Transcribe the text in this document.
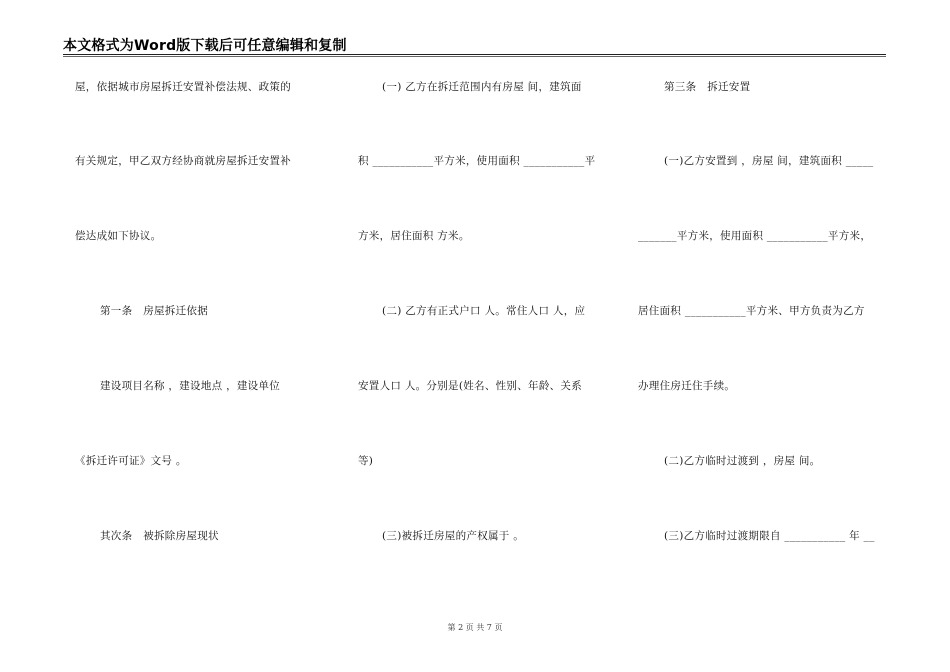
本文格式为Word版下载后可任意编辑和复制
屋，依据城市房屋拆迁安置补偿法规、政策的
有关规定，甲乙双方经协商就房屋拆迁安置补
偿达成如下协议。
第一条　房屋拆迁依据
建设项目名称 ，建设地点 ，建设单位
《拆迁许可证》文号 。
其次条　被拆除房屋现状
(一) 乙方在拆迁范围内有房屋 间，建筑面
积 ___________平方米，使用面积 ___________平
方米，居住面积 方米。
(二) 乙方有正式户口 人。常住人口 人，应
安置人口 人。分别是(姓名、性别、年龄、关系
等)
(三)被拆迁房屋的产权属于 。
第三条　拆迁安置
(一)乙方安置到 ，房屋 间，建筑面积 _____
_______平方米，使用面积 ___________平方米，
居住面积 ___________平方米、甲方负责为乙方
办理住房迁住手续。
(二)乙方临时过渡到 ，房屋 间。
(三)乙方临时过渡期限自 ___________ 年 __
第 2 页 共 7 页
